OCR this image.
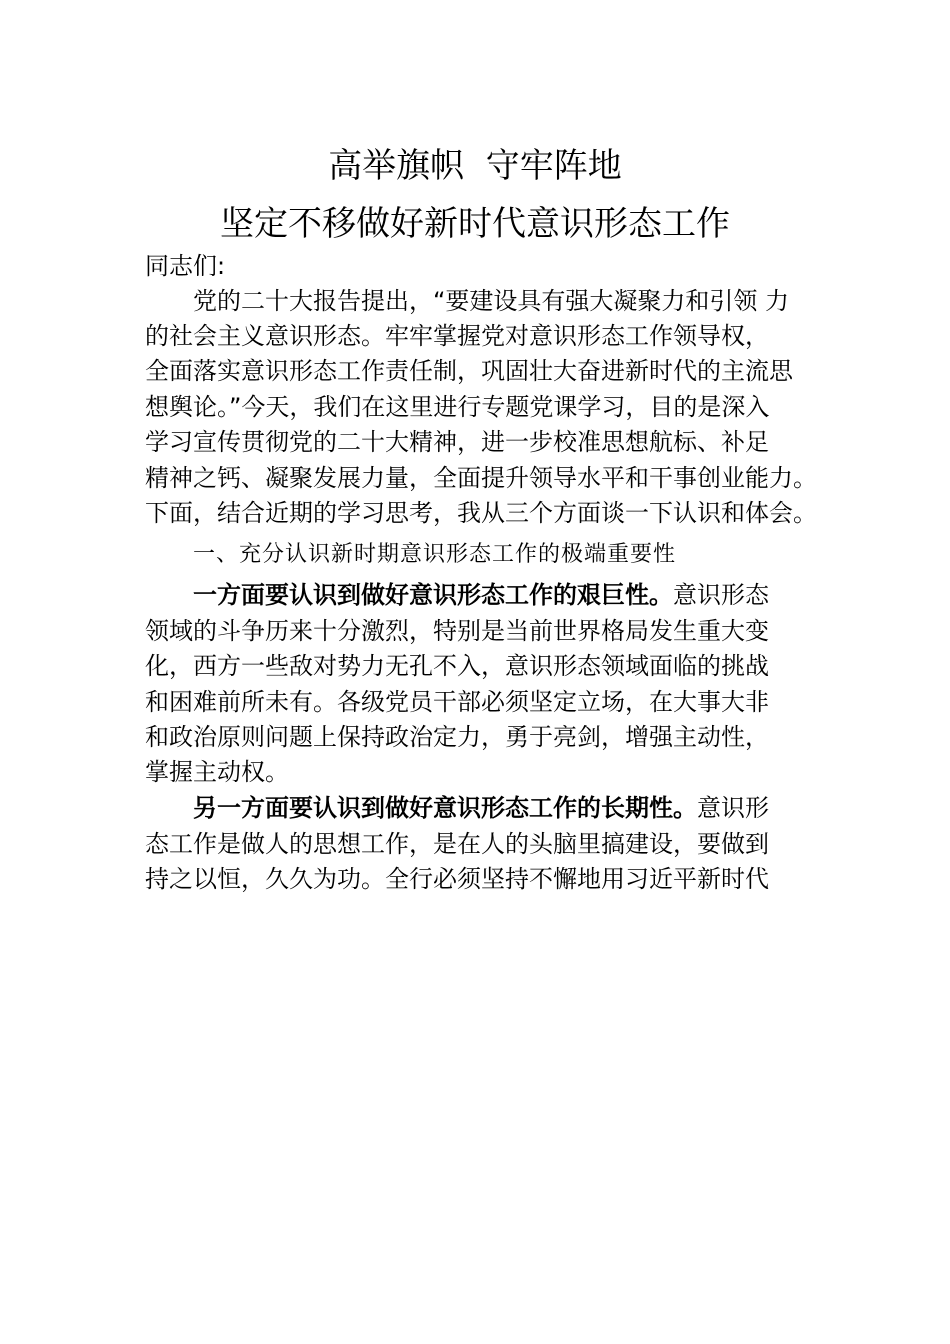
高举旗帜  守牢阵地
坚定不移做好新时代意识形态工作
同志们:
党的二十大报告提出，“要建设具有强大凝聚力和引领 力
的社会主义意识形态。牢牢掌握党对意识形态工作领导权，
全面落实意识形态工作责任制，巩固壮大奋进新时代的主流思
想舆论。”今天，我们在这里进行专题党课学习，目的是深入
学习宣传贯彻党的二十大精神，进一步校准思想航标、补足
精神之钙、凝聚发展力量，全面提升领导水平和干事创业能力。
下面，结合近期的学习思考，我从三个方面谈一下认识和体会。
一、充分认识新时期意识形态工作的极端重要性
一方面要认识到做好意识形态工作的艰巨性。意识形态
领域的斗争历来十分激烈，特别是当前世界格局发生重大变
化，西方一些敌对势力无孔不入，意识形态领域面临的挑战
和困难前所未有。各级党员干部必须坚定立场，在大事大非
和政治原则问题上保持政治定力，勇于亮剑，增强主动性，
掌握主动权。
另一方面要认识到做好意识形态工作的长期性。意识形
态工作是做人的思想工作，是在人的头脑里搞建设，要做到
持之以恒，久久为功。全行必须坚持不懈地用习近平新时代
